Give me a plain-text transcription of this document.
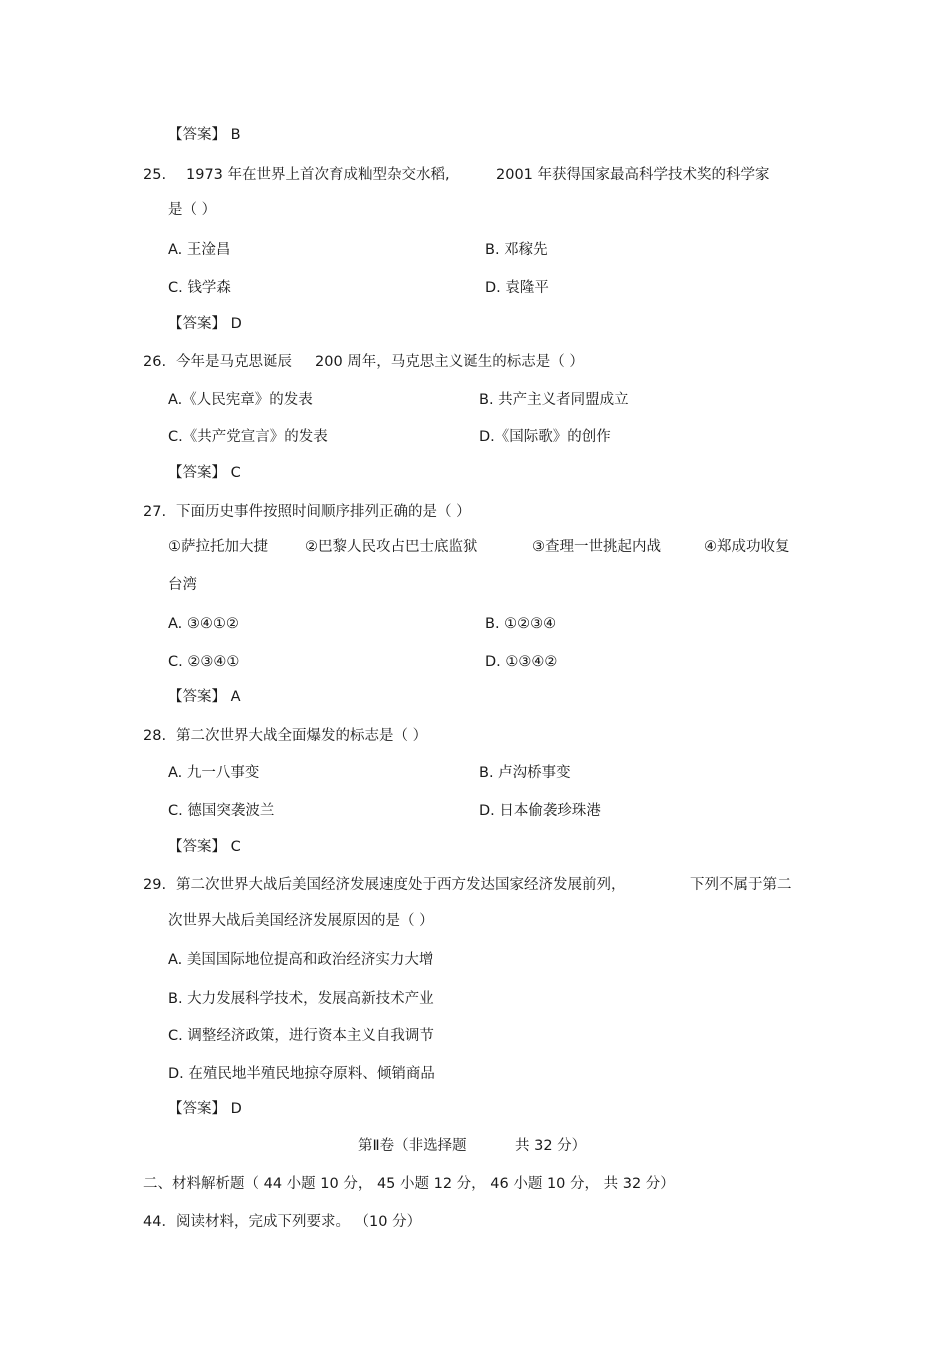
【答案】 B
25. 1973 年在世界上首次育成籼型杂交水稻,	2001 年获得国家最高科学技术奖的科学家
是（ ）
A. 王淦昌	B. 邓稼先
C. 钱学森	D. 袁隆平
【答案】 D
26. 今年是马克思诞辰 200 周年，马克思主义诞生的标志是（ ）
A.《人民宪章》的发表	B. 共产主义者同盟成立
C.《共产党宣言》的发表	D.《国际歌》的创作
【答案】 C
27. 下面历史事件按照时间顺序排列正确的是（ ）
①萨拉托加大捷	②巴黎人民攻占巴士底监狱	③查理一世挑起内战	④郑成功收复
台湾
A. ③④①②	B. ①②③④
C. ②③④①	D. ①③④②
【答案】 A
28. 第二次世界大战全面爆发的标志是（ ）
A. 九一八事变	B. 卢沟桥事变
C. 德国突袭波兰	D. 日本偷袭珍珠港
【答案】 C
29. 第二次世界大战后美国经济发展速度处于西方发达国家经济发展前列，	下列不属于第二
次世界大战后美国经济发展原因的是（ ）
A. 美国国际地位提高和政治经济实力大增
B. 大力发展科学技术，发展高新技术产业
C. 调整经济政策，进行资本主义自我调节
D. 在殖民地半殖民地掠夺原料、倾销商品
【答案】 D
第Ⅱ卷（非选择题	共 32 分）
二、材料解析题（ 44 小题 10 分， 45 小题 12 分， 46 小题 10 分， 共 32 分）
44．阅读材料，完成下列要求。 （10 分）
